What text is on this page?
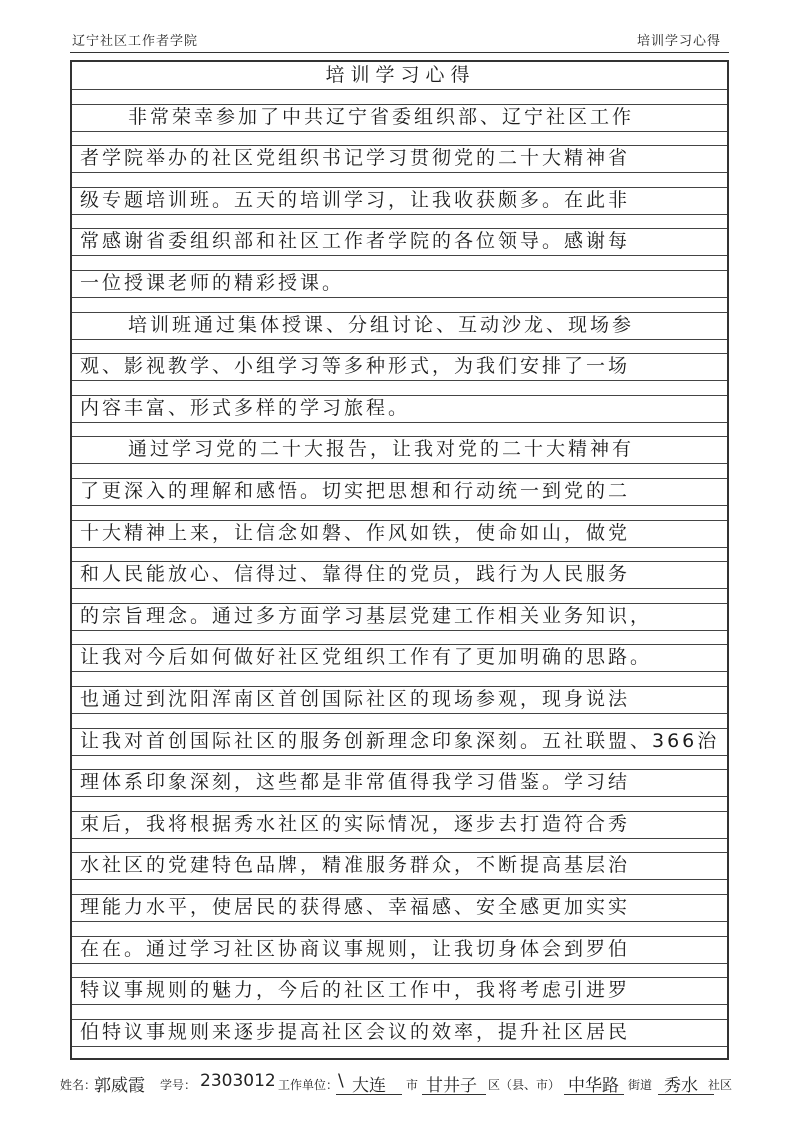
辽宁社区工作者学院	培训学习心得
培训学习心得
非常荣幸参加了中共辽宁省委组织部、辽宁社区工作
者学院举办的社区党组织书记学习贯彻党的二十大精神省
级专题培训班。五天的培训学习，让我收获颇多。在此非
常感谢省委组织部和社区工作者学院的各位领导。感谢每
一位授课老师的精彩授课。
培训班通过集体授课、分组讨论、互动沙龙、现场参
观、影视教学、小组学习等多种形式，为我们安排了一场
内容丰富、形式多样的学习旅程。
通过学习党的二十大报告，让我对党的二十大精神有
了更深入的理解和感悟。切实把思想和行动统一到党的二
十大精神上来，让信念如磐、作风如铁，使命如山，做党
和人民能放心、信得过、靠得住的党员，践行为人民服务
的宗旨理念。通过多方面学习基层党建工作相关业务知识，
让我对今后如何做好社区党组织工作有了更加明确的思路。
也通过到沈阳浑南区首创国际社区的现场参观，现身说法
让我对首创国际社区的服务创新理念印象深刻。五社联盟、366治
理体系印象深刻，这些都是非常值得我学习借鉴。学习结
束后，我将根据秀水社区的实际情况，逐步去打造符合秀
水社区的党建特色品牌，精准服务群众，不断提高基层治
理能力水平，使居民的获得感、幸福感、安全感更加实实
在在。通过学习社区协商议事规则，让我切身体会到罗伯
特议事规则的魅力，今后的社区工作中，我将考虑引进罗
伯特议事规则来逐步提高社区会议的效率，提升社区居民
姓名：
郭威霞 学号： 2303012 工作单位： \ 大连 市 甘井子 区（县、市） 中华路 街道 秀水 社区
